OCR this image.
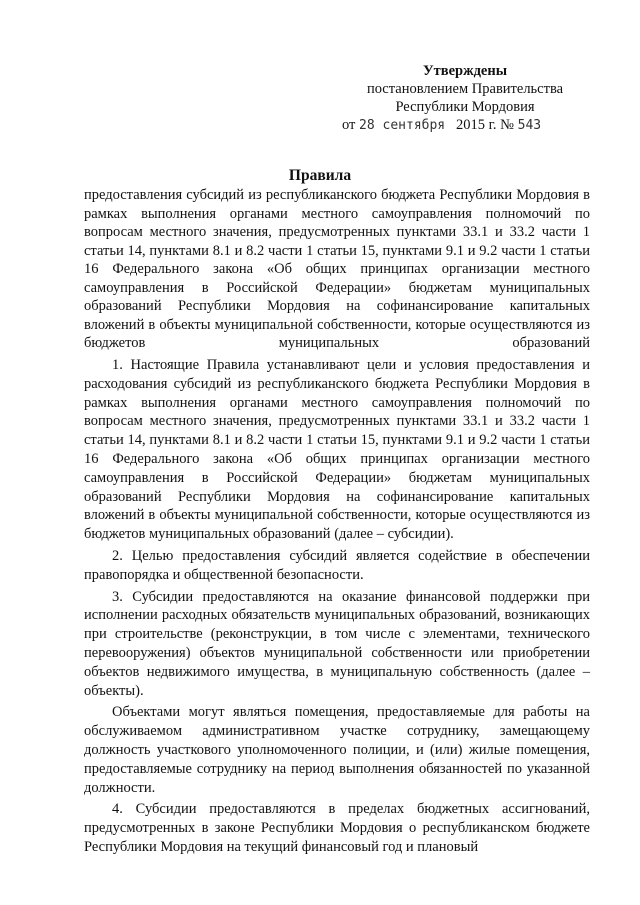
Утверждены
постановлением Правительства
Республики Мордовия
от 28 сентября 2015 г. № 543
Правила
предоставления субсидий из республиканского бюджета Республики Мордовия в рамках выполнения органами местного самоуправления полномочий по вопросам местного значения, предусмотренных пунктами 33.1 и 33.2 части 1 статьи 14, пунктами 8.1 и 8.2 части 1 статьи 15, пунктами 9.1 и 9.2 части 1 статьи 16 Федерального закона «Об общих принципах организации местного самоуправления в Российской Федерации» бюджетам муниципальных образований Республики Мордовия на софинансирование капитальных вложений в объекты муниципальной собственности, которые осуществляются из бюджетов муниципальных образований

1. Настоящие Правила устанавливают цели и условия предоставления и расходования субсидий из республиканского бюджета Республики Мордовия в рамках выполнения органами местного самоуправления полномочий по вопросам местного значения, предусмотренных пунктами 33.1 и 33.2 части 1 статьи 14, пунктами 8.1 и 8.2 части 1 статьи 15, пунктами 9.1 и 9.2 части 1 статьи 16 Федерального закона «Об общих принципах организации местного самоуправления в Российской Федерации» бюджетам муниципальных образований Республики Мордовия на софинансирование капитальных вложений в объекты муниципальной собственности, которые осуществляются из бюджетов муниципальных образований (далее – субсидии).

2. Целью предоставления субсидий является содействие в обеспечении правопорядка и общественной безопасности.

3. Субсидии предоставляются на оказание финансовой поддержки при исполнении расходных обязательств муниципальных образований, возникающих при строительстве (реконструкции, в том числе с элементами, технического перевооружения) объектов муниципальной собственности или приобретении объектов недвижимого имущества, в муниципальную собственность (далее – объекты).

Объектами могут являться помещения, предоставляемые для работы на обслуживаемом административном участке сотруднику, замещающему должность участкового уполномоченного полиции, и (или) жилые помещения, предоставляемые сотруднику на период выполнения обязанностей по указанной должности.

4. Субсидии предоставляются в пределах бюджетных ассигнований, предусмотренных в законе Республики Мордовия о республиканском бюджете Республики Мордовия на текущий финансовый год и плановый
